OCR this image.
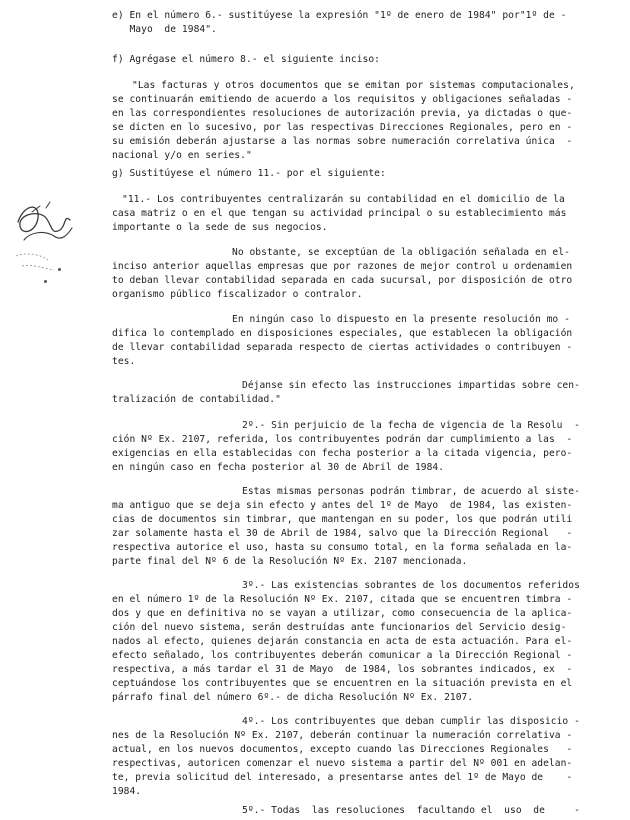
e) En el número 6.- sustitúyese la expresión "1º de enero de 1984" por"1º de -
Mayo  de 1984".
f) Agrégase el número 8.- el siguiente inciso:
"Las facturas y otros documentos que se emitan por sistemas computacionales,
se continuarán emitiendo de acuerdo a los requisitos y obligaciones señaladas -
en las correspondientes resoluciones de autorización previa, ya dictadas o que-
se dicten en lo sucesivo, por las respectivas Direcciones Regionales, pero en -
su emisión deberán ajustarse a las normas sobre numeración correlativa única  -
nacional y/o en series."
g) Sustitúyese el número 11.- por el siguiente:
"11.- Los contribuyentes centralizarán su contabilidad en el domicilio de la
casa matriz o en el que tengan su actividad principal o su establecimiento más
importante o la sede de sus negocios.
No obstante, se exceptúan de la obligación señalada en el-
inciso anterior aquellas empresas que por razones de mejor control u ordenamien
to deban llevar contabilidad separada en cada sucursal, por disposición de otro
organismo público fiscalizador o contralor.
En ningún caso lo dispuesto en la presente resolución mo -
difica lo contemplado en disposiciones especiales, que establecen la obligación
de llevar contabilidad separada respecto de ciertas actividades o contribuyen -
tes.
Déjanse sin efecto las instrucciones impartidas sobre cen-
tralización de contabilidad."
2º.- Sin perjuicio de la fecha de vigencia de la Resolu  -
ción Nº Ex. 2107, referida, los contribuyentes podrán dar cumplimiento a las  -
exigencias en ella establecidas con fecha posterior a la citada vigencia, pero-
en ningún caso en fecha posterior al 30 de Abril de 1984.
Estas mismas personas podrán timbrar, de acuerdo al siste-
ma antiguo que se deja sin efecto y antes del 1º de Mayo  de 1984, las existen-
cias de documentos sin timbrar, que mantengan en su poder, los que podrán utili
zar solamente hasta el 30 de Abril de 1984, salvo que la Dirección Regional   -
respectiva autorice el uso, hasta su consumo total, en la forma señalada en la-
parte final del Nº 6 de la Resolución Nº Ex. 2107 mencionada.
3º.- Las existencias sobrantes de los documentos referidos
en el número 1º de la Resolución Nº Ex. 2107, citada que se encuentren timbra -
dos y que en definitiva no se vayan a utilizar, como consecuencia de la aplica-
ción del nuevo sistema, serán destruídas ante funcionarios del Servicio desig-
nados al efecto, quienes dejarán constancia en acta de esta actuación. Para el-
efecto señalado, los contribuyentes deberán comunicar a la Dirección Regional -
respectiva, a más tardar el 31 de Mayo  de 1984, los sobrantes indicados, ex  -
ceptuándose los contribuyentes que se encuentren en la situación prevista en el
párrafo final del número 6º.- de dicha Resolución Nº Ex. 2107.
4º.- Los contribuyentes que deban cumplir las disposicio -
nes de la Resolución Nº Ex. 2107, deberán continuar la numeración correlativa -
actual, en los nuevos documentos, excepto cuando las Direcciones Regionales   -
respectivas, autoricen comenzar el nuevo sistema a partir del Nº 001 en adelan-
te, previa solicitud del interesado, a presentarse antes del 1º de Mayo de    -
1984.
5º.- Todas  las resoluciones  facultando el  uso  de     -
